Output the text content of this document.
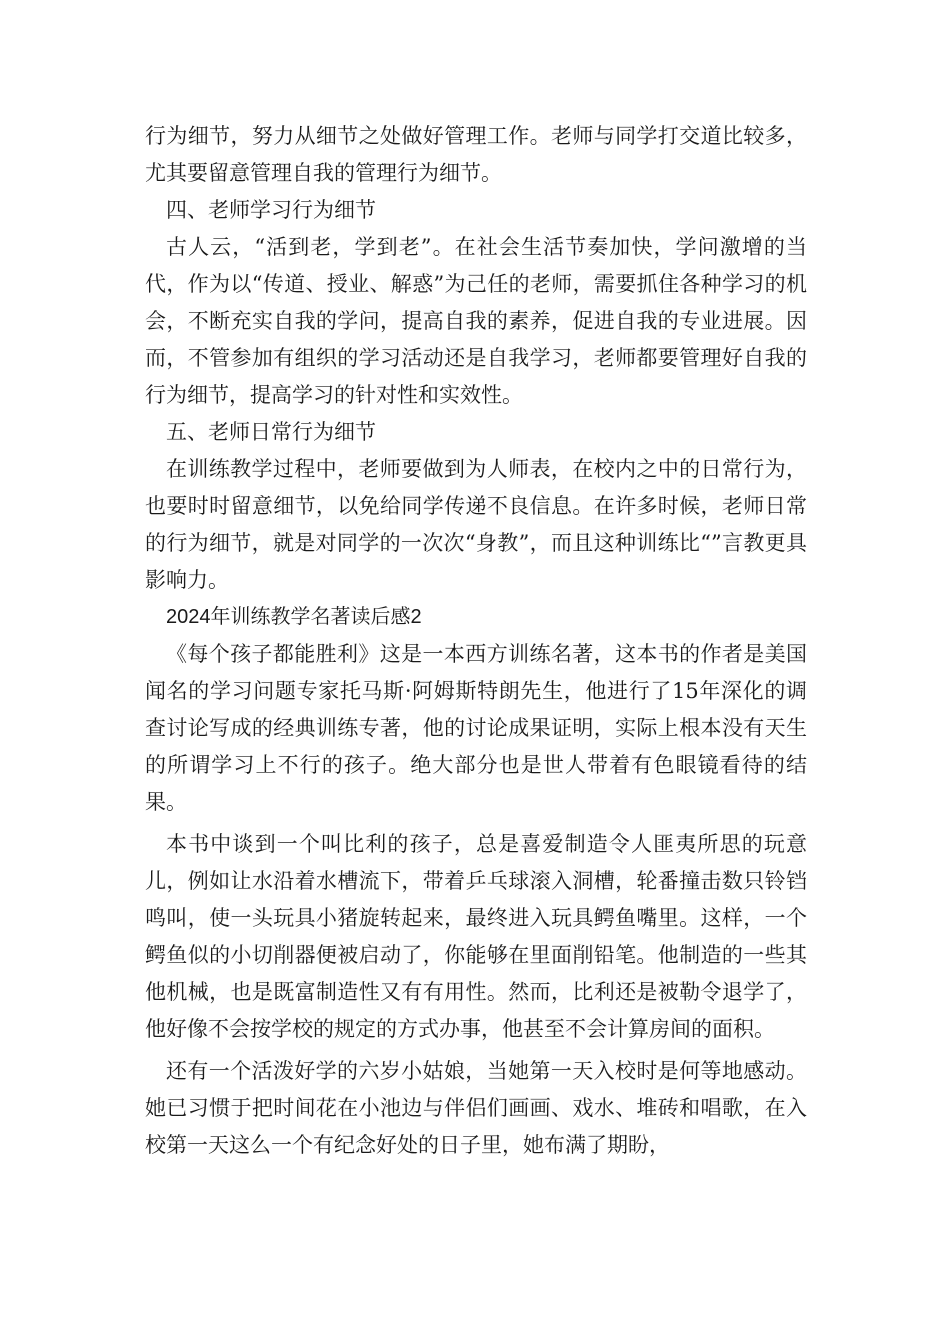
行为细节，努力从细节之处做好管理工作。老师与同学打交道比较多，尤其要留意管理自我的管理行为细节。

四、老师学习行为细节

古人云，“活到老，学到老”。在社会生活节奏加快，学问激增的当代，作为以“传道、授业、解惑”为己任的老师，需要抓住各种学习的机会，不断充实自我的学问，提高自我的素养，促进自我的专业进展。因而，不管参加有组织的学习活动还是自我学习，老师都要管理好自我的行为细节，提高学习的针对性和实效性。

五、老师日常行为细节

在训练教学过程中，老师要做到为人师表，在校内之中的日常行为，也要时时留意细节，以免给同学传递不良信息。在许多时候，老师日常的行为细节，就是对同学的一次次“身教”，而且这种训练比“”言教更具影响力。

2024年训练教学名著读后感2

《每个孩子都能胜利》这是一本西方训练名著，这本书的作者是美国闻名的学习问题专家托马斯·阿姆斯特朗先生，他进行了15年深化的调查讨论写成的经典训练专著，他的讨论成果证明，实际上根本没有天生的所谓学习上不行的孩子。绝大部分也是世人带着有色眼镜看待的结果。

本书中谈到一个叫比利的孩子，总是喜爱制造令人匪夷所思的玩意儿，例如让水沿着水槽流下，带着乒乓球滚入洞槽，轮番撞击数只铃铛鸣叫，使一头玩具小猪旋转起来，最终进入玩具鳄鱼嘴里。这样，一个鳄鱼似的小切削器便被启动了，你能够在里面削铅笔。他制造的一些其他机械，也是既富制造性又有有用性。然而，比利还是被勒令退学了，他好像不会按学校的规定的方式办事，他甚至不会计算房间的面积。

还有一个活泼好学的六岁小姑娘，当她第一天入校时是何等地感动。她已习惯于把时间花在小池边与伴侣们画画、戏水、堆砖和唱歌，在入校第一天这么一个有纪念好处的日子里，她布满了期盼，
